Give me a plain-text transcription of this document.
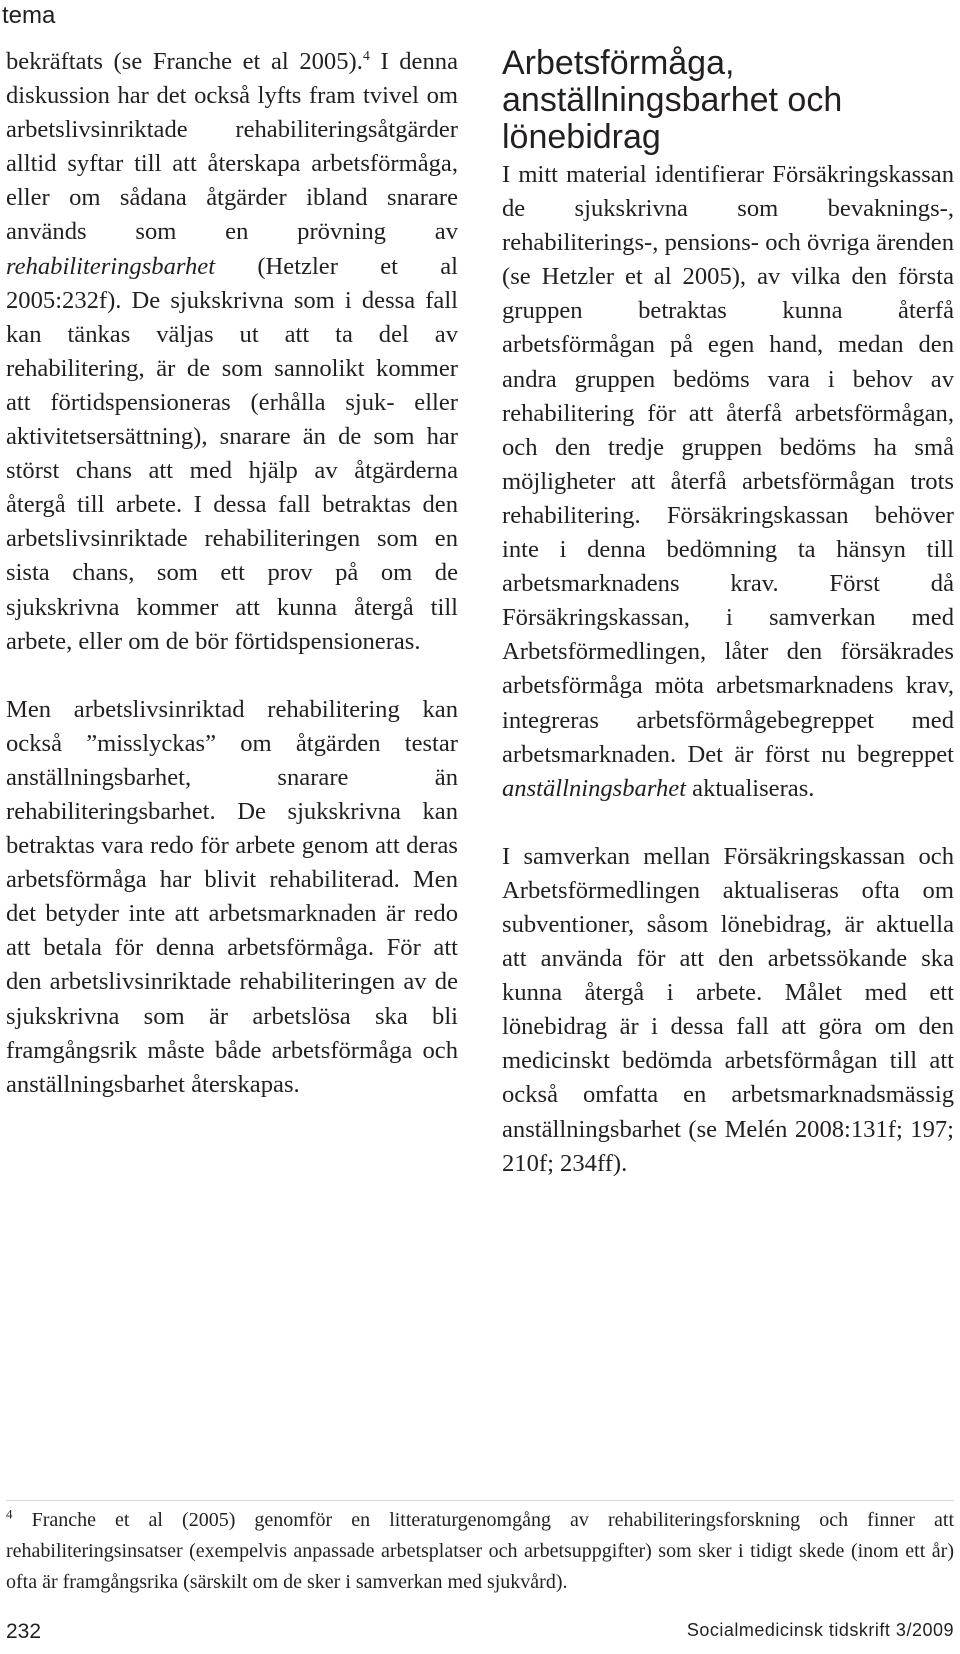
tema

bekräftats (se Franche et al 2005).$^4$ I denna diskussion har det också lyfts fram tvivel om arbetslivsinriktade rehabiliteringsåtgärder alltid syftar till att återskapa arbetsförmåga, eller om sådana åtgärder ibland snarare används som en prövning av rehabiliteringsbarhet (Hetzler et al 2005:232f). De sjukskrivna som i dessa fall kan tänkas väljas ut att ta del av rehabilitering, är de som sannolikt kommer att förtidspensioneras (erhålla sjuk- eller aktivitetsersättning), snarare än de som har störst chans att med hjälp av åtgärderna återgå till arbete. I dessa fall betraktas den arbetslivsinriktade rehabiliteringen som en sista chans, som ett prov på om de sjukskrivna kommer att kunna återgå till arbete, eller om de bör förtidspensioneras.

Men arbetslivsinriktad rehabilitering kan också ”misslyckas” om åtgärden testar anställningsbarhet, snarare än rehabiliteringsbarhet. De sjukskrivna kan betraktas vara redo för arbete genom att deras arbetsförmåga har blivit rehabiliterad. Men det betyder inte att arbetsmarknaden är redo att betala för denna arbetsförmåga. För att den arbetslivsinriktade rehabiliteringen av de sjukskrivna som är arbetslösa ska bli framgångsrik måste både arbetsförmåga och anställningsbarhet återskapas.

Arbetsförmåga, anställningsbarhet och lönebidrag

I mitt material identifierar Försäkringskassan de sjukskrivna som bevaknings-, rehabiliterings-, pensions- och övriga ärenden (se Hetzler et al 2005), av vilka den första gruppen betraktas kunna återfå arbetsförmågan på egen hand, medan den andra gruppen bedöms vara i behov av rehabilitering för att återfå arbetsförmågan, och den tredje gruppen bedöms ha små möjligheter att återfå arbetsförmågan trots rehabilitering. Försäkringskassan behöver inte i denna bedömning ta hänsyn till arbetsmarknadens krav. Först då Försäkringskassan, i samverkan med Arbetsförmedlingen, låter den försäkrades arbetsförmåga möta arbetsmarknadens krav, integreras arbetsförmågebegreppet med arbetsmarknaden. Det är först nu begreppet anställningsbarhet aktualiseras.

I samverkan mellan Försäkringskassan och Arbetsförmedlingen aktualiseras ofta om subventioner, såsom lönebidrag, är aktuella att använda för att den arbetssökande ska kunna återgå i arbete. Målet med ett lönebidrag är i dessa fall att göra om den medicinskt bedömda arbetsförmågan till att också omfatta en arbetsmarknadsmässig anställningsbarhet (se Melén 2008:131f; 197; 210f; 234ff).

$^4$ Franche et al (2005) genomför en litteraturgenomgång av rehabiliteringsforskning och finner att rehabiliteringsinsatser (exempelvis anpassade arbetsplatser och arbetsuppgifter) som sker i tidigt skede (inom ett år) ofta är framgångsrika (särskilt om de sker i samverkan med sjukvård).
232	Socialmedicinsk tidskrift 3/2009
